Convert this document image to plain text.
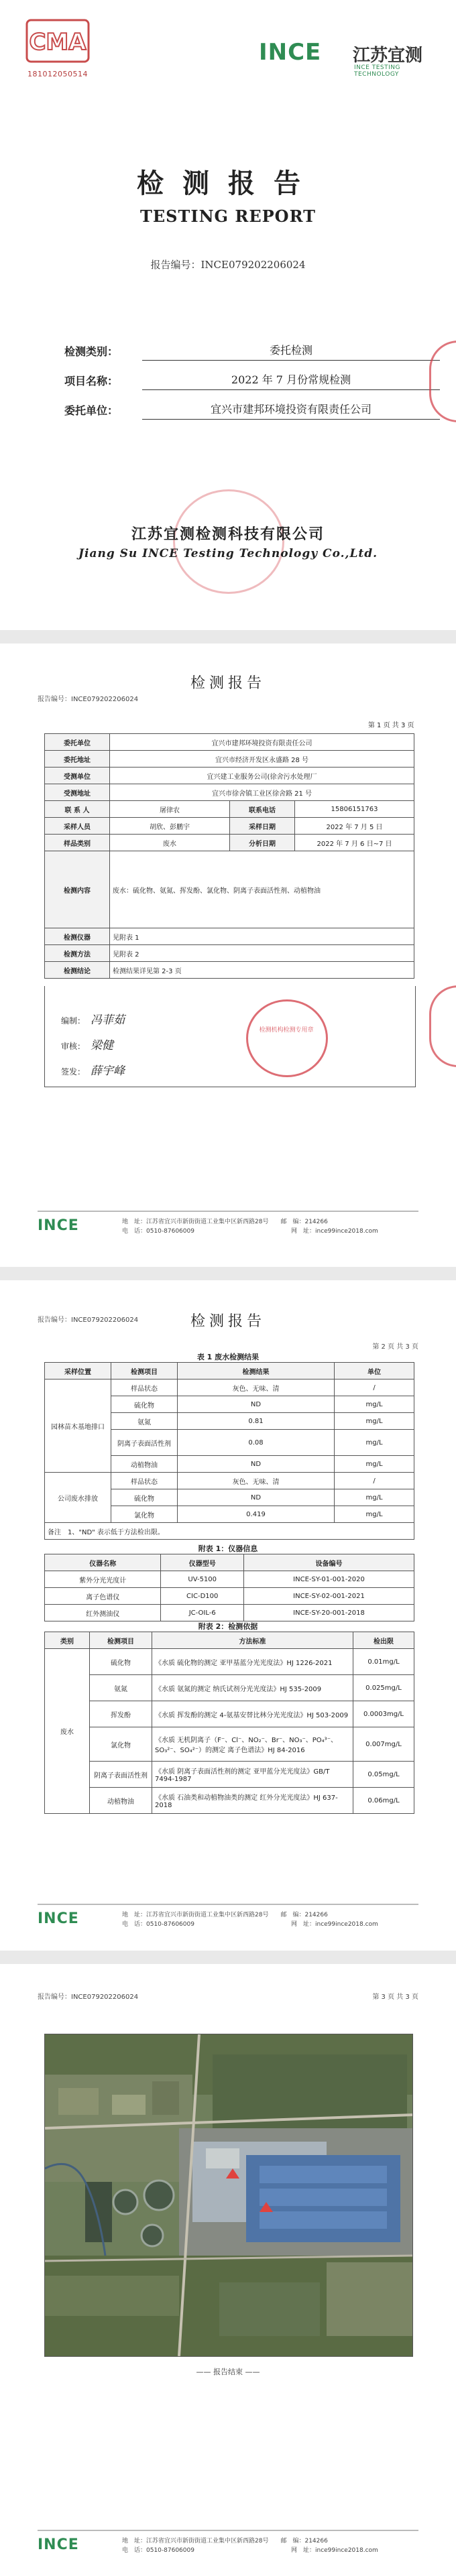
CMA
181012050514
INCE 江苏宜测
INCE TESTING TECHNOLOGY
检测报告
TESTING REPORT
报告编号：INCE079202206024
检测类别：	委托检测
项目名称：	2022 年 7 月份常规检测
委托单位：	宜兴市建邦环境投资有限责任公司
江苏宜测检测科技有限公司
Jiang Su INCE Testing Technology Co.,Ltd.
报告编号：INCE079202206024
检测报告
第 1 页 共 3 页			
委托单位	宜兴市建邦环境投资有限责任公司		
委托地址	宜兴市经济开发区永盛路 28 号		
受测单位	宜兴建工业服务公司(徐舍污水处理厂		
受测地址	宜兴市徐舍镇工业区徐舍路 21 号		
联 系 人	屠律农	联系电话	15806151763
采样人员	胡欣、彭鹏宇	采样日期	2022 年 7 月 5 日
样品类别	废水	分析日期	2022 年 7 月 6 日~7 日
检测内容	废水：硫化物、氨氮、挥发酚、氯化物、阴离子表面活性剂、动植物油		
检测仪器	见附表 1		
检测方法	见附表 2		
检测结论	检测结果详见第 2-3 页		
检测机构检测专用章
编制： 冯菲茹
审核： 梁健
签发： 薛宇峰
INCE	地　址：江苏省宜兴市新街街道工业集中区新西路28号　　 邮　编：214266
电　话：0510-87606009　　　　　　　　　　　　　　　　	网　址：ince99ince2018.com
报告编号：INCE079202206024	检测报告
第 2 页 共 3 页
表 1 废水检测结果
采样位置	检测项目	检测结果	单位
园林苗木基地排口	样品状态	灰色、无味、清	/
	硫化物	ND	mg/L
	氨氮	0.81	mg/L
	阴离子表面活性剂	0.08	mg/L
	动植物油	ND	mg/L
公司废水排放	样品状态	灰色、无味、清	/
	硫化物	ND	mg/L
	氯化物	0.419	mg/L
备注　1、"ND" 表示低于方法检出限。			
附表 1：仪器信息
仪器名称	仪器型号	设备编号
紫外分光光度计	UV-5100	INCE-SY-01-001-2020
离子色谱仪	CIC-D100	INCE-SY-02-001-2021
红外测油仪	JC-OIL-6	INCE-SY-20-001-2018
附表 2：检测依据
类别	检测项目	方法标准	检出限
废水	硫化物	《水质 硫化物的测定 亚甲基蓝分光光度法》HJ 1226-2021	0.01mg/L
	氨氮	《水质 氨氮的测定 纳氏试剂分光光度法》HJ 535-2009	0.025mg/L
	挥发酚	《水质 挥发酚的测定 4-氨基安替比林分光光度法》HJ 503-2009	0.0003mg/L
	氯化物	《水质 无机阴离子（F⁻、Cl⁻、NO₂⁻、Br⁻、NO₃⁻、PO₄³⁻、SO₃²⁻、SO₄²⁻）的测定 离子色谱法》HJ 84-2016	0.007mg/L
	阴离子表面活性剂	《水质 阴离子表面活性剂的测定 亚甲蓝分光光度法》GB/T 7494-1987	0.05mg/L
	动植物油	《水质 石油类和动植物油类的测定 红外分光光度法》HJ 637-2018	0.06mg/L
INCE	地　址：江苏省宜兴市新街街道工业集中区新西路28号　　 邮　编：214266
电　话：0510-87606009　　　　　　　　　　　　　　　　	网　址：ince99ince2018.com
报告编号：INCE079202206024	第 3 页 共 3 页
—— 报告结束 ——
INCE	地　址：江苏省宜兴市新街街道工业集中区新西路28号　　 邮　编：214266
电　话：0510-87606009　　　　　　　　　　　　　　　　	网　址：ince99ince2018.com
